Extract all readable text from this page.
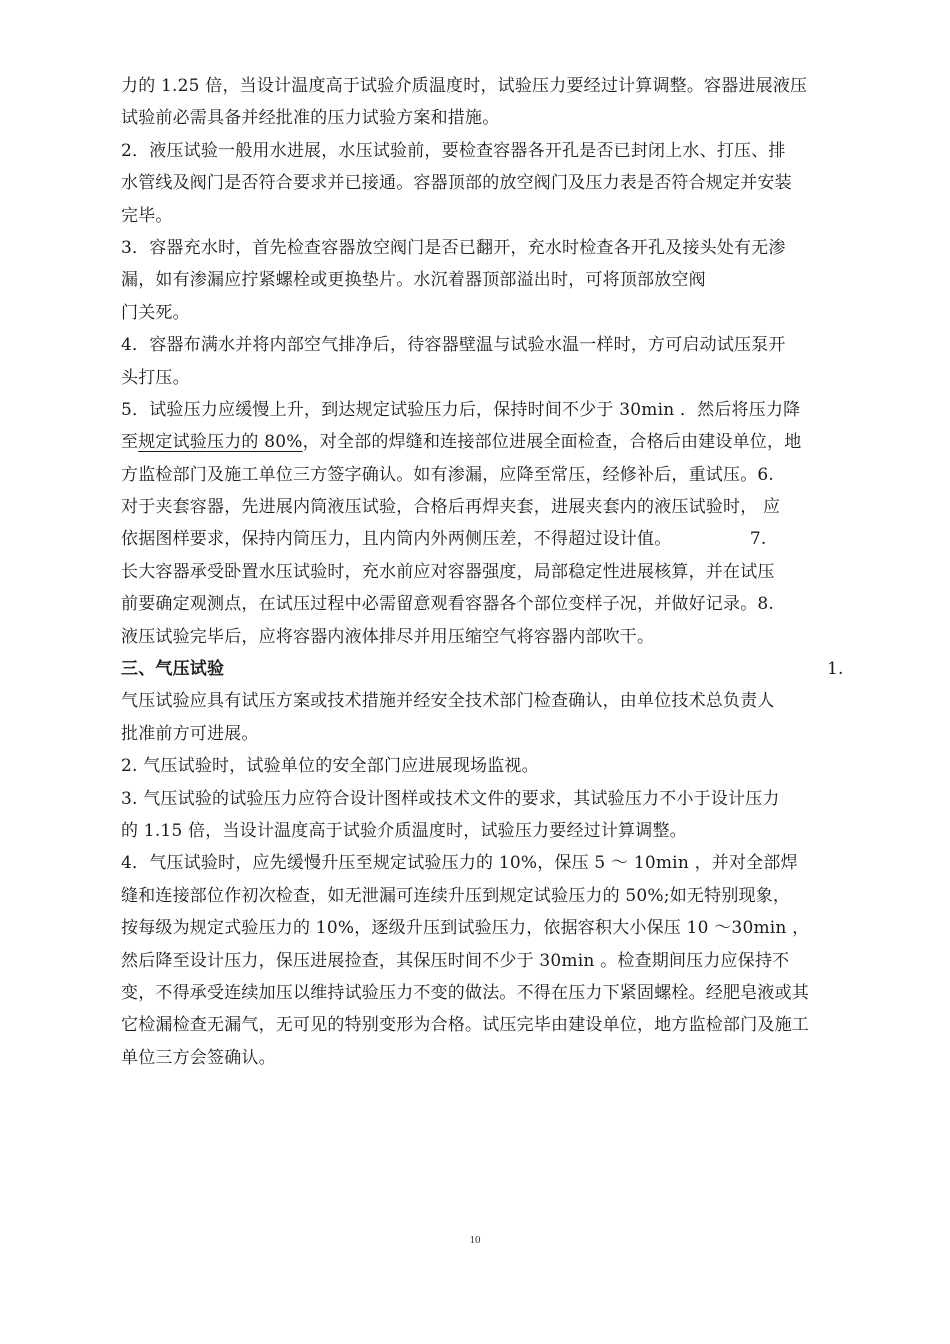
力的 1.25 倍，当设计温度高于试验介质温度时，试验压力要经过计算调整。容器进展液压
试验前必需具备并经批准的压力试验方案和措施。
2．液压试验一般用水进展，水压试验前，要检查容器各开孔是否已封闭上水、打压、排
水管线及阀门是否符合要求并已接通。容器顶部的放空阀门及压力表是否符合规定并安装
完毕。
3．容器充水时，首先检查容器放空阀门是否已翻开，充水时检查各开孔及接头处有无渗
漏，如有渗漏应拧紧螺栓或更换垫片。水沉着器顶部溢出时，可将顶部放空阀
门关死。
4．容器布满水并将内部空气排净后，待容器壁温与试验水温一样时，方可启动试压泵开
头打压。
5．试验压力应缓慢上升，到达规定试验压力后，保持时间不少于 30min ．然后将压力降
至规定试验压力的 80%，对全部的焊缝和连接部位进展全面检查，合格后由建设单位，地
方监检部门及施工单位三方签字确认。如有渗漏，应降至常压，经修补后，重试压。6.
对于夹套容器，先进展内筒液压试验，合格后再焊夹套，进展夹套内的液压试验时， 应
依据图样要求，保持内筒压力，且内筒内外两侧压差，不得超过设计值。              7.
长大容器承受卧置水压试验时，充水前应对容器强度，局部稳定性进展核算，并在试压
前要确定观测点，在试压过程中必需留意观看容器各个部位变样子况，并做好记录。8.
液压试验完毕后，应将容器内液体排尽并用压缩空气将容器内部吹干。
三、气压试验	1.
气压试验应具有试压方案或技术措施并经安全技术部门检查确认，由单位技术总负责人
批准前方可进展。
2. 气压试验时，试验单位的安全部门应进展现场监视。
3. 气压试验的试验压力应符合设计图样或技术文件的要求，其试验压力不小于设计压力
的 1.15 倍，当设计温度高于试验介质温度时，试验压力要经过计算调整。
4．气压试验时，应先缓慢升压至规定试验压力的 10%，保压 5 ～ 10min ，并对全部焊
缝和连接部位作初次检查，如无泄漏可连续升压到规定试验压力的 50%;如无特别现象，
按每级为规定式验压力的 10%，逐级升压到试验压力，依据容积大小保压 10 ～30min ，
然后降至设计压力，保压进展捡查，其保压时间不少于 30min 。检查期间压力应保持不
变，不得承受连续加压以维持试验压力不变的做法。不得在压力下紧固螺栓。经肥皂液或其
它检漏检查无漏气，无可见的特别变形为合格。试压完毕由建设单位，地方监检部门及施工
单位三方会签确认。
10
